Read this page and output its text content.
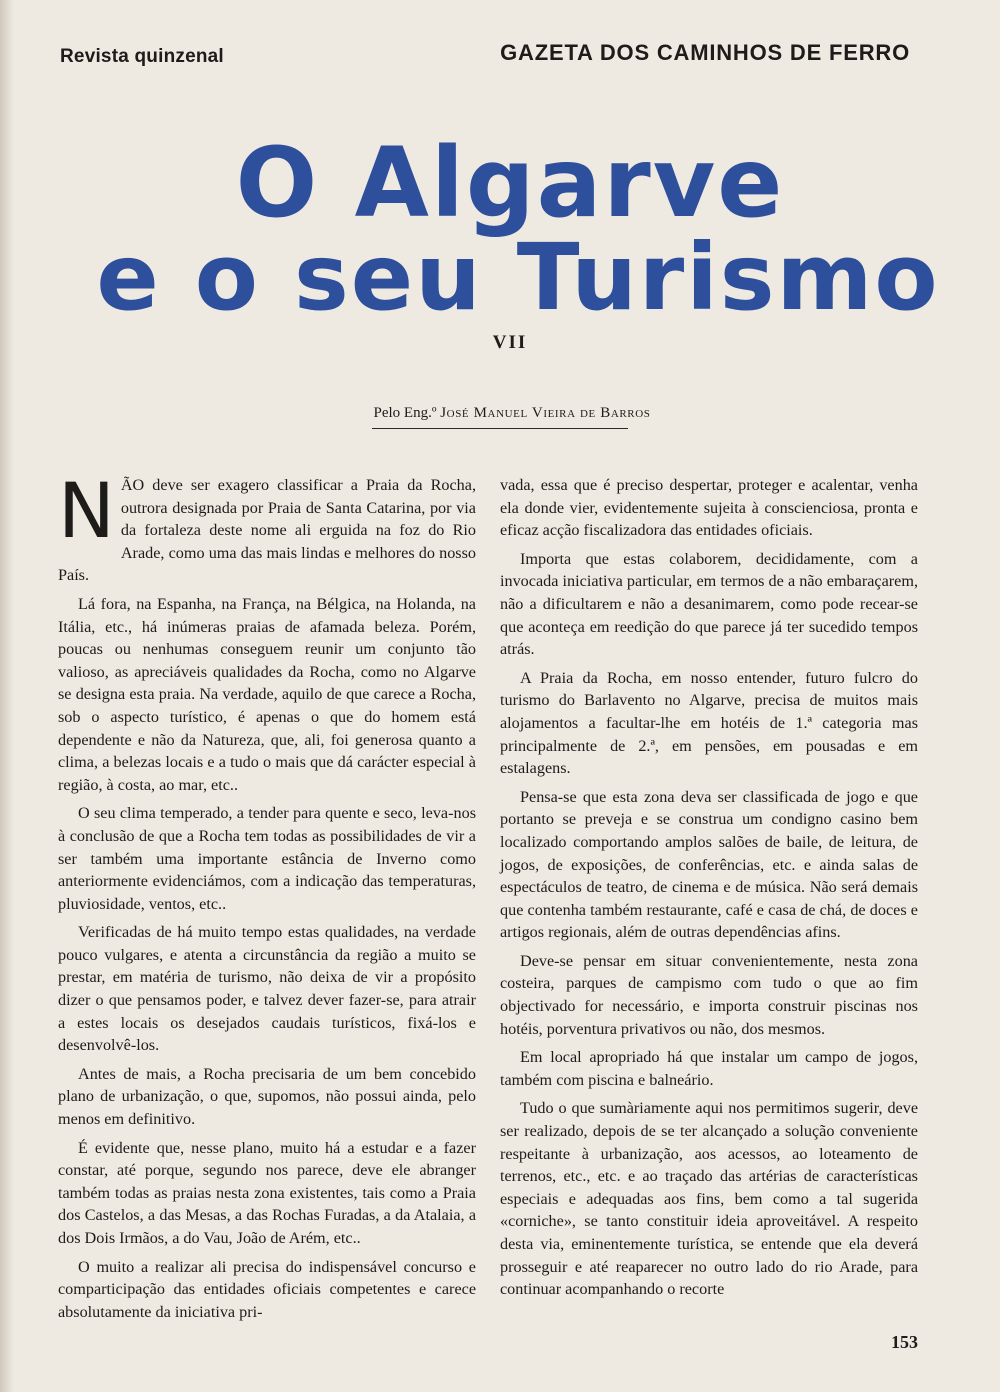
Revista quinzenal	GAZETA DOS CAMINHOS DE FERRO
O Algarve
e o seu Turismo
VII
Pelo Eng.º José Manuel Vieira de Barros

NÃO deve ser exagero classificar a Praia da Rocha, outrora designada por Praia de Santa Catarina, por via da fortaleza deste nome ali erguida na foz do Rio Arade, como uma das mais lindas e melhores do nosso País.

Lá fora, na Espanha, na França, na Bélgica, na Holanda, na Itália, etc., há inúmeras praias de afamada beleza. Porém, poucas ou nenhumas conseguem reunir um conjunto tão valioso, as apreciáveis qualidades da Rocha, como no Algarve se designa esta praia. Na verdade, aquilo de que carece a Rocha, sob o aspecto turístico, é apenas o que do homem está dependente e não da Natureza, que, ali, foi generosa quanto a clima, a belezas locais e a tudo o mais que dá carácter especial à região, à costa, ao mar, etc..

O seu clima temperado, a tender para quente e seco, leva-nos à conclusão de que a Rocha tem todas as possibilidades de vir a ser também uma importante estância de Inverno como anteriormente evidenciámos, com a indicação das temperaturas, pluviosidade, ventos, etc..

Verificadas de há muito tempo estas qualidades, na verdade pouco vulgares, e atenta a circunstância da região a muito se prestar, em matéria de turismo, não deixa de vir a propósito dizer o que pensamos poder, e talvez dever fazer-se, para atrair a estes locais os desejados caudais turísticos, fixá-los e desenvolvê-los.

Antes de mais, a Rocha precisaria de um bem concebido plano de urbanização, o que, supomos, não possui ainda, pelo menos em definitivo.

É evidente que, nesse plano, muito há a estudar e a fazer constar, até porque, segundo nos parece, deve ele abranger também todas as praias nesta zona existentes, tais como a Praia dos Castelos, a das Mesas, a das Rochas Furadas, a da Atalaia, a dos Dois Irmãos, a do Vau, João de Arém, etc..

O muito a realizar ali precisa do indispensável concurso e comparticipação das entidades oficiais competentes e carece absolutamente da iniciativa pri-

vada, essa que é preciso despertar, proteger e acalentar, venha ela donde vier, evidentemente sujeita à conscienciosa, pronta e eficaz acção fiscalizadora das entidades oficiais.

Importa que estas colaborem, decididamente, com a invocada iniciativa particular, em termos de a não embaraçarem, não a dificultarem e não a desanimarem, como pode recear-se que aconteça em reedição do que parece já ter sucedido tempos atrás.

A Praia da Rocha, em nosso entender, futuro fulcro do turismo do Barlavento no Algarve, precisa de muitos mais alojamentos a facultar-lhe em hotéis de 1.ª categoria mas principalmente de 2.ª, em pensões, em pousadas e em estalagens.

Pensa-se que esta zona deva ser classificada de jogo e que portanto se preveja e se construa um condigno casino bem localizado comportando amplos salões de baile, de leitura, de jogos, de exposições, de conferências, etc. e ainda salas de espectáculos de teatro, de cinema e de música. Não será demais que contenha também restaurante, café e casa de chá, de doces e artigos regionais, além de outras dependências afins.

Deve-se pensar em situar convenientemente, nesta zona costeira, parques de campismo com tudo o que ao fim objectivado for necessário, e importa construir piscinas nos hotéis, porventura privativos ou não, dos mesmos.

Em local apropriado há que instalar um campo de jogos, também com piscina e balneário.

Tudo o que sumàriamente aqui nos permitimos sugerir, deve ser realizado, depois de se ter alcançado a solução conveniente respeitante à urbanização, aos acessos, ao loteamento de terrenos, etc., etc. e ao traçado das artérias de características especiais e adequadas aos fins, bem como a tal sugerida «corniche», se tanto constituir ideia aproveitável. A respeito desta via, eminentemente turística, se entende que ela deverá prosseguir e até reaparecer no outro lado do rio Arade, para continuar acompanhando o recorte

153
